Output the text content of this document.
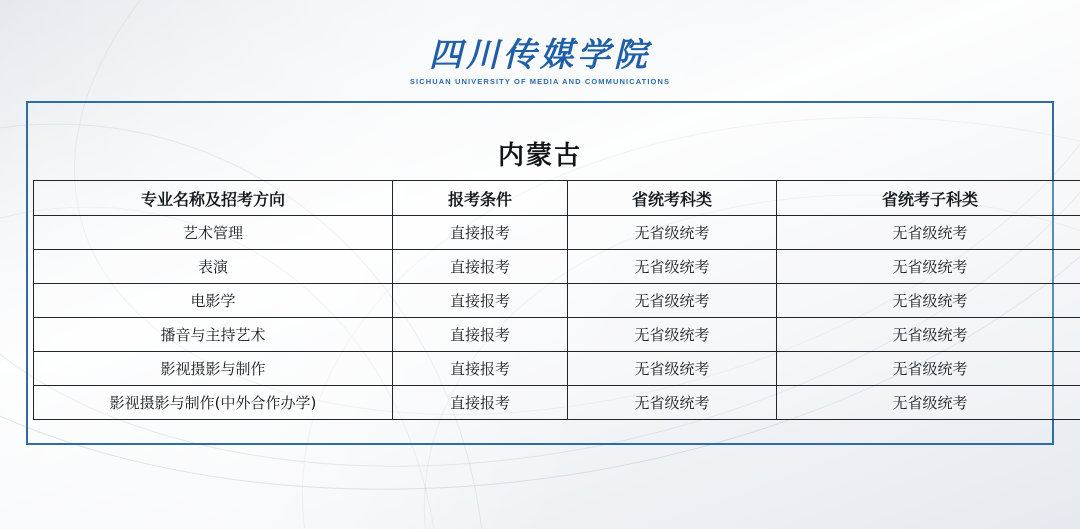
四川传媒学院
SICHUAN UNIVERSITY OF MEDIA AND COMMUNICATIONS
内蒙古
专业名称及招考方向	报考条件	省统考科类	省统考子科类
艺术管理	直接报考	无省级统考	无省级统考
表演	直接报考	无省级统考	无省级统考
电影学	直接报考	无省级统考	无省级统考
播音与主持艺术	直接报考	无省级统考	无省级统考
影视摄影与制作	直接报考	无省级统考	无省级统考
影视摄影与制作(中外合作办学)	直接报考	无省级统考	无省级统考
